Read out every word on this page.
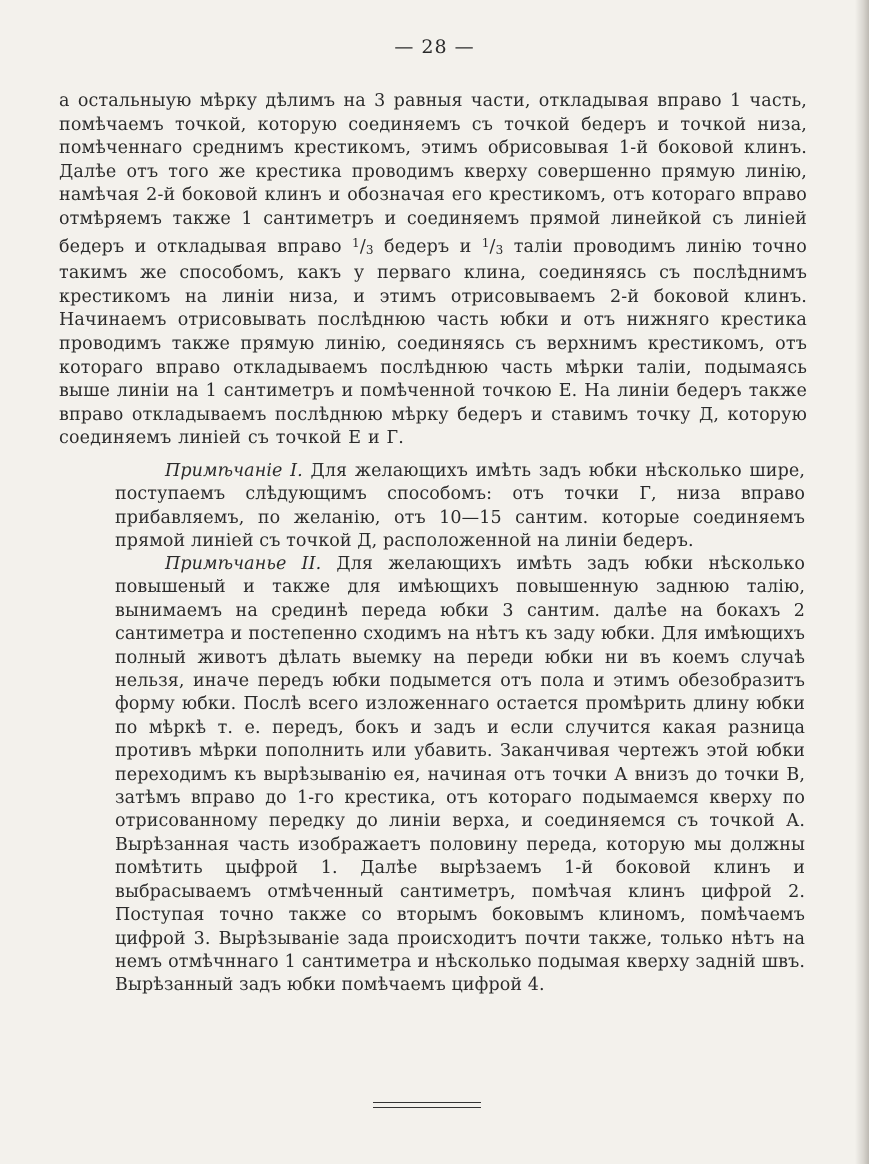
— 28 —

а остальныую мѣрку дѣлимъ на 3 равныя части, откладывая вправо 1 часть, помѣчаемъ точкой, которую соединяемъ съ точкой бедеръ и точкой низа, помѣченнаго среднимъ крестикомъ, этимъ обрисовывая 1-й боковой клинъ. Далѣе отъ того же крестика проводимъ кверху совершенно прямую линію, намѣчая 2-й боковой клинъ и обозначая его крестикомъ, отъ котораго вправо отмѣряемъ также 1 сантиметръ и соединяемъ прямой линейкой съ линіей бедеръ и откладывая вправо $^1$/3 бедеръ и $^1$/3 таліи проводимъ линію точно такимъ же способомъ, какъ у перваго клина, соединяясь съ послѣднимъ крестикомъ на линіи низа, и этимъ отрисовываемъ 2-й боковой клинъ. Начинаемъ отрисовывать послѣднюю часть юбки и отъ нижняго крестика проводимъ также прямую линію, соединяясь съ верхнимъ крестикомъ, отъ котораго вправо откладываемъ послѣднюю часть мѣрки таліи, подымаясь выше линіи на 1 сантиметръ и помѣченной точкою Е. На линіи бедеръ также вправо откладываемъ послѣднюю мѣрку бедеръ и ставимъ точку Д, которую соединяемъ линіей съ точкой Е и Г.

Примѣчаніе I. Для желающихъ имѣть задъ юбки нѣсколько шире, поступаемъ слѣдующимъ способомъ: отъ точки Г, низа вправо прибавляемъ, по желанію, отъ 10—15 сантим. которые соединяемъ прямой линіей съ точкой Д, расположенной на линіи бедеръ.

Примѣчанье II. Для желающихъ имѣть задъ юбки нѣсколько повышеный и также для имѣющихъ повышенную заднюю талію, вынимаемъ на срединѣ переда юбки 3 сантим. далѣе на бокахъ 2 сантиметра и постепенно сходимъ на нѣтъ къ заду юбки. Для имѣющихъ полный животъ дѣлать выемку на переди юбки ни въ коемъ случаѣ нельзя, иначе передъ юбки подымется отъ пола и этимъ обезобразитъ форму юбки. Послѣ всего изложеннаго остается промѣрить длину юбки по мѣркѣ т. е. передъ, бокъ и задъ и если случится какая разница противъ мѣрки пополнить или убавить. Заканчивая чертежъ этой юбки переходимъ къ вырѣзыванію ея, начиная отъ точки А внизъ до точки В, затѣмъ вправо до 1-го крестика, отъ котораго подымаемся кверху по отрисованному передку до линіи верха, и соединяемся съ точкой А. Вырѣзанная часть изображаетъ половину переда, которую мы должны помѣтить цыфрой 1. Далѣе вырѣзаемъ 1-й боковой клинъ и выбрасываемъ отмѣченный сантиметръ, помѣчая клинъ цифрой 2. Поступая точно также со вторымъ боковымъ клиномъ, помѣчаемъ цифрой 3. Вырѣзываніе зада происходитъ почти также, только нѣтъ на немъ отмѣчннаго 1 сантиметра и нѣсколько подымая кверху задній швъ. Вырѣзанный задъ юбки помѣчаемъ цифрой 4.
